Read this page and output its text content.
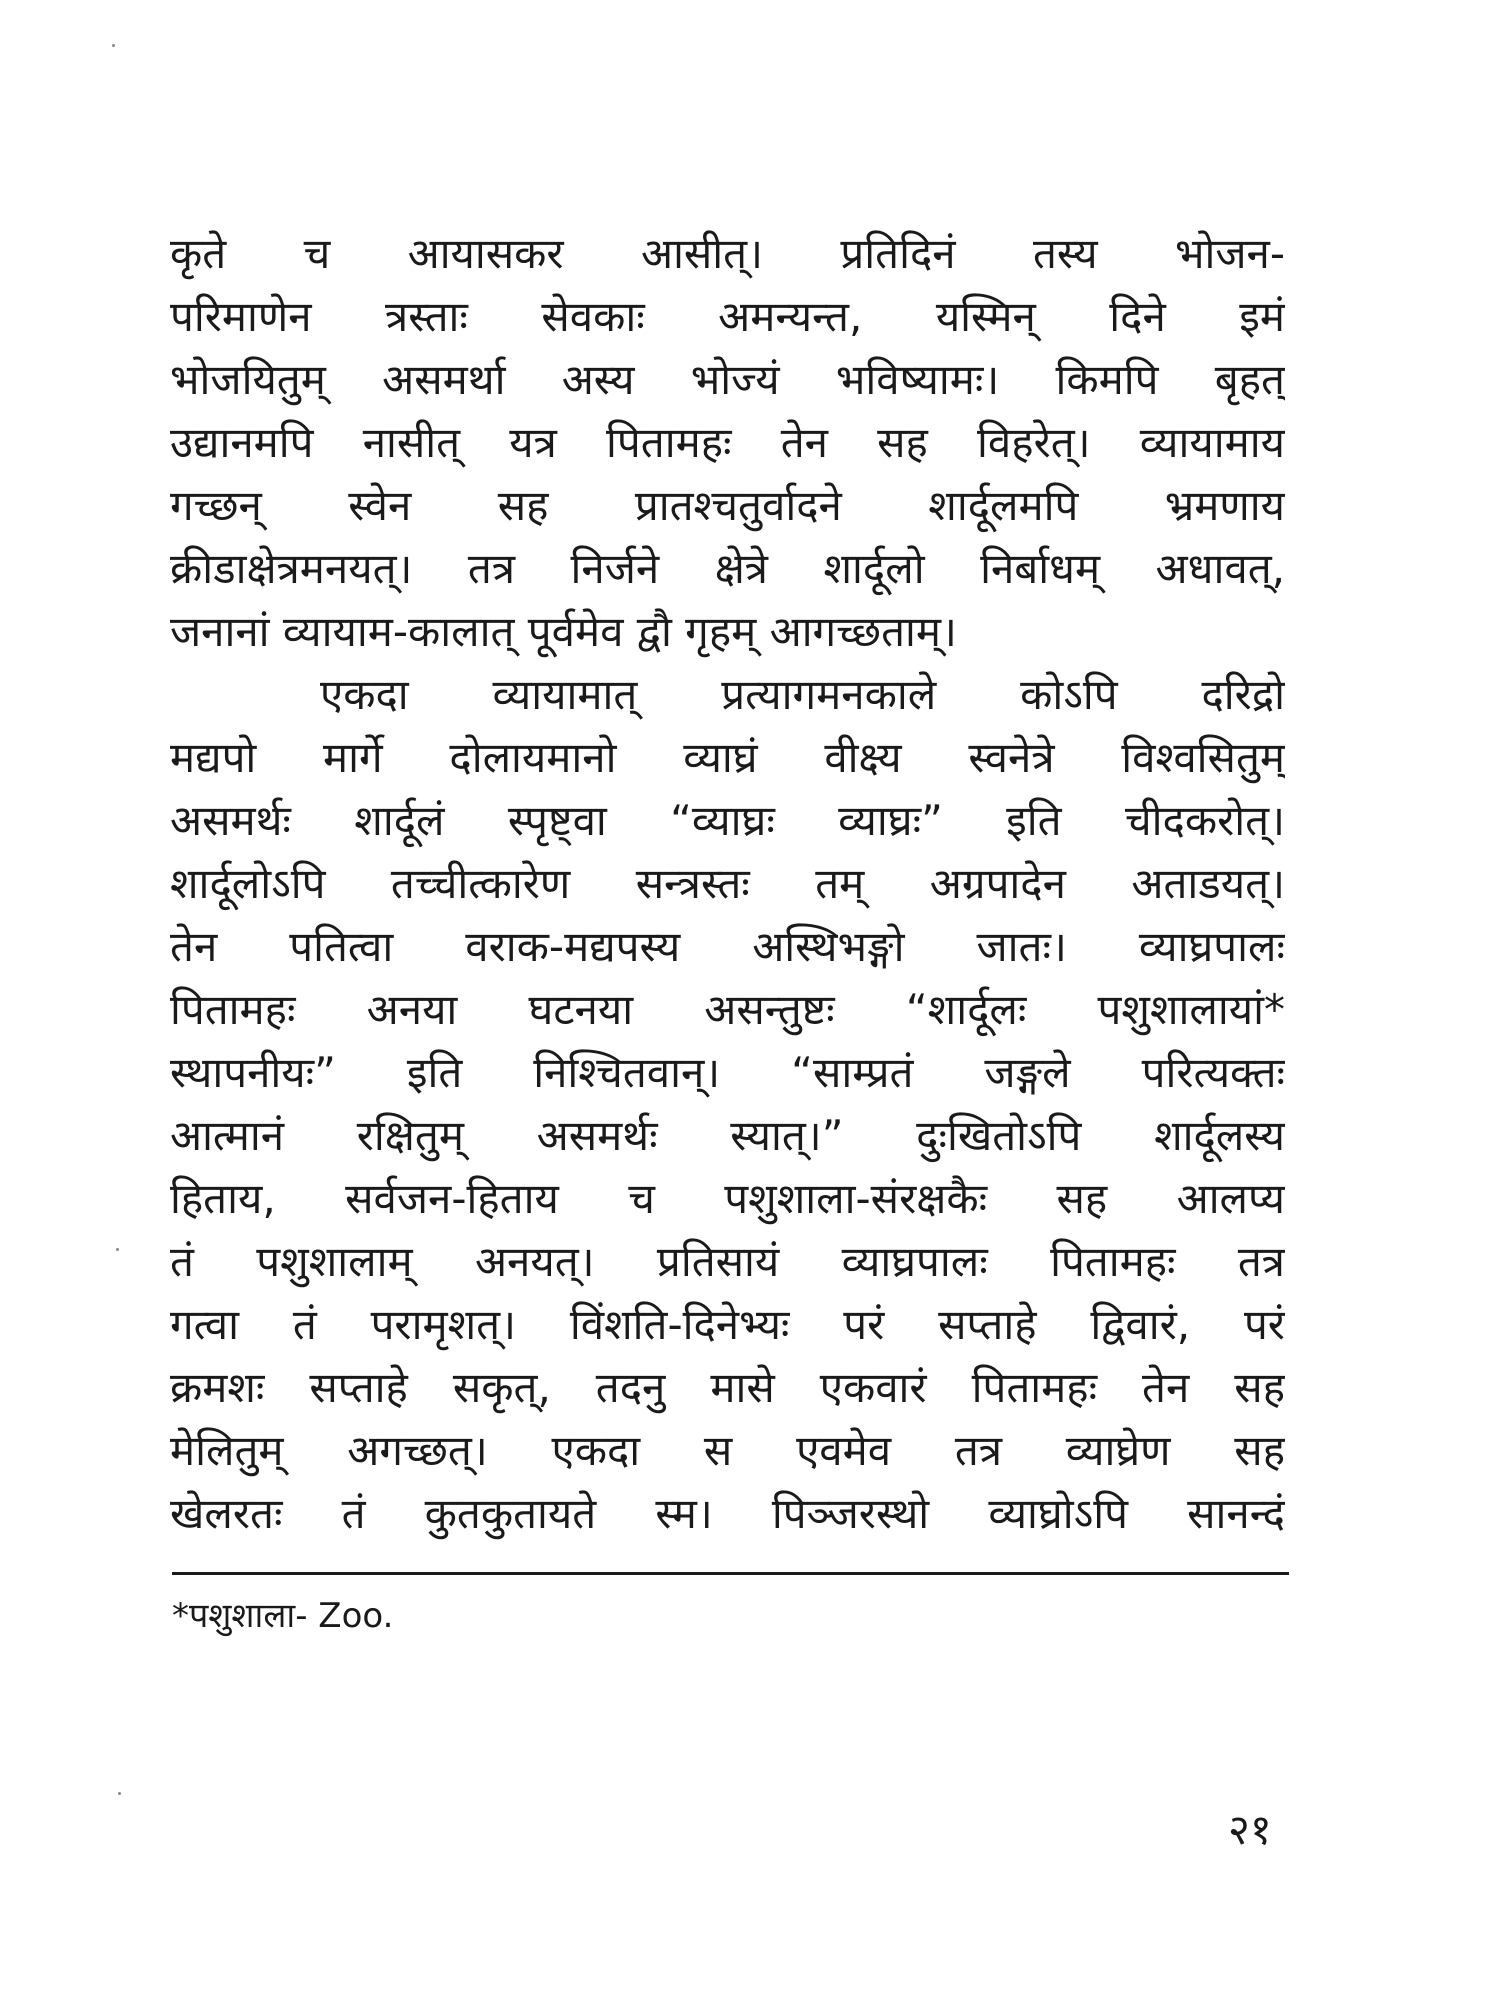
कृते च आयासकर आसीत्। प्रतिदिनं तस्य भोजन-
परिमाणेन त्रस्ताः सेवकाः अमन्यन्त, यस्मिन् दिने इमं
भोजयितुम् असमर्था अस्य भोज्यं भविष्यामः। किमपि बृहत्
उद्यानमपि नासीत् यत्र पितामहः तेन सह विहरेत्। व्यायामाय
गच्छन् स्वेन सह प्रातश्चतुर्वादने शार्दूलमपि भ्रमणाय
क्रीडाक्षेत्रमनयत्। तत्र निर्जने क्षेत्रे शार्दूलो निर्बाधम् अधावत्,
जनानां व्यायाम-कालात् पूर्वमेव द्वौ गृहम् आगच्छताम्।
एकदा व्यायामात् प्रत्यागमनकाले कोऽपि दरिद्रो
मद्यपो मार्गे दोलायमानो व्याघ्रं वीक्ष्य स्वनेत्रे विश्वसितुम्
असमर्थः शार्दूलं स्पृष्ट्वा “व्याघ्रः व्याघ्रः” इति चीदकरोत्।
शार्दूलोऽपि तच्चीत्कारेण सन्त्रस्तः तम् अग्रपादेन अताडयत्।
तेन पतित्वा वराक-मद्यपस्य अस्थिभङ्गो जातः। व्याघ्रपालः
पितामहः अनया घटनया असन्तुष्टः “शार्दूलः पशुशालायां*
स्थापनीयः” इति निश्चितवान्। “साम्प्रतं जङ्गले परित्यक्तः
आत्मानं रक्षितुम् असमर्थः स्यात्।” दुःखितोऽपि शार्दूलस्य
हिताय, सर्वजन-हिताय च पशुशाला-संरक्षकैः सह आलप्य
तं पशुशालाम् अनयत्। प्रतिसायं व्याघ्रपालः पितामहः तत्र
गत्वा तं परामृशत्। विंशति-दिनेभ्यः परं सप्ताहे द्विवारं, परं
क्रमशः सप्ताहे सकृत्, तदनु मासे एकवारं पितामहः तेन सह
मेलितुम् अगच्छत्। एकदा स एवमेव तत्र व्याघ्रेण सह
खेलरतः तं कुतकुतायते स्म। पिञ्जरस्थो व्याघ्रोऽपि सानन्दं
*पशुशाला- Zoo.
२१
